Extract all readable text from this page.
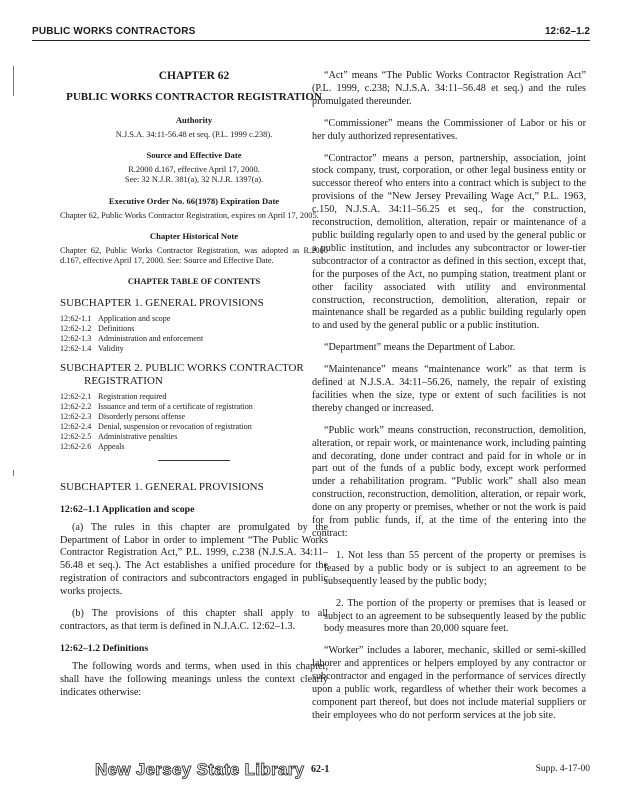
PUBLIC WORKS CONTRACTORS	12:62–1.2
CHAPTER 62
PUBLIC WORKS CONTRACTOR REGISTRATION
Authority
N.J.S.A. 34:11-56.48 et seq. (P.L. 1999 c.238).
Source and Effective Date
R.2000 d.167, effective April 17, 2000.
See: 32 N.J.R. 381(a), 32 N.J.R. 1397(a).
Executive Order No. 66(1978) Expiration Date
Chapter 62, Public Works Contractor Registration, expires on April 17, 2005.
Chapter Historical Note
Chapter 62, Public Works Contractor Registration, was adopted as R.2000 d.167, effective April 17, 2000. See: Source and Effective Date.
CHAPTER TABLE OF CONTENTS
SUBCHAPTER 1. GENERAL PROVISIONS
12:62-1.1 Application and scope
12:62-1.2 Definitions
12:62-1.3 Administration and enforcement
12:62-1.4 Validity
SUBCHAPTER 2. PUBLIC WORKS CONTRACTOR
REGISTRATION
12:62-2.1 Registration required
12:62-2.2 Issuance and term of a certificate of registration
12:62-2.3 Disorderly persons offense
12:62-2.4 Denial, suspension or revocation of registration
12:62-2.5 Administrative penalties
12:62-2.6 Appeals
SUBCHAPTER 1. GENERAL PROVISIONS
12:62–1.1 Application and scope

(a) The rules in this chapter are promulgated by the Department of Labor in order to implement “The Public Works Contractor Registration Act,” P.L. 1999, c.238 (N.J.S.A. 34:11–56.48 et seq.). The Act establishes a unified procedure for the registration of contractors and subcontractors engaged in public works projects.

(b) The provisions of this chapter shall apply to all contractors, as that term is defined in N.J.A.C. 12:62–1.3.

12:62–1.2 Definitions

The following words and terms, when used in this chapter, shall have the following meanings unless the context clearly indicates otherwise:

“Act” means “The Public Works Contractor Registration Act” (P.L. 1999, c.238; N.J.S.A. 34:11–56.48 et seq.) and the rules promulgated thereunder.

“Commissioner” means the Commissioner of Labor or his or her duly authorized representatives.

“Contractor” means a person, partnership, association, joint stock company, trust, corporation, or other legal business entity or successor thereof who enters into a contract which is subject to the provisions of the “New Jersey Prevailing Wage Act,” P.L. 1963, c.150, N.J.S.A. 34:11–56.25 et seq., for the construction, reconstruction, demolition, alteration, repair or maintenance of a public building regularly open to and used by the general public or a public institution, and includes any subcontractor or lower-tier subcontractor of a contractor as defined in this section, except that, for the purposes of the Act, no pumping station, treatment plant or other facility associated with utility and environmental construction, reconstruction, demolition, alteration, repair or maintenance shall be regarded as a public building regularly open to and used by the general public or a public institution.

“Department” means the Department of Labor.

“Maintenance” means “maintenance work” as that term is defined at N.J.S.A. 34:11–56.26, namely, the repair of existing facilities when the size, type or extent of such facilities is not thereby changed or increased.

“Public work” means construction, reconstruction, demolition, alteration, or repair work, or maintenance work, including painting and decorating, done under contract and paid for in whole or in part out of the funds of a public body, except work performed under a rehabilitation program. “Public work” shall also mean construction, reconstruction, demolition, alteration, or repair work, done on any property or premises, whether or not the work is paid for from public funds, if, at the time of the entering into the contract:

1. Not less than 55 percent of the property or premises is leased by a public body or is subject to an agreement to be subsequently leased by the public body;

2. The portion of the property or premises that is leased or subject to an agreement to be subsequently leased by the public body measures more than 20,000 square feet.

“Worker” includes a laborer, mechanic, skilled or semi-skilled laborer and apprentices or helpers employed by any contractor or subcontractor and engaged in the performance of services directly upon a public work, regardless of whether their work becomes a component part thereof, but does not include material suppliers or their employees who do not perform services at the job site.

New Jersey State Library 62-1	Supp. 4-17-00
